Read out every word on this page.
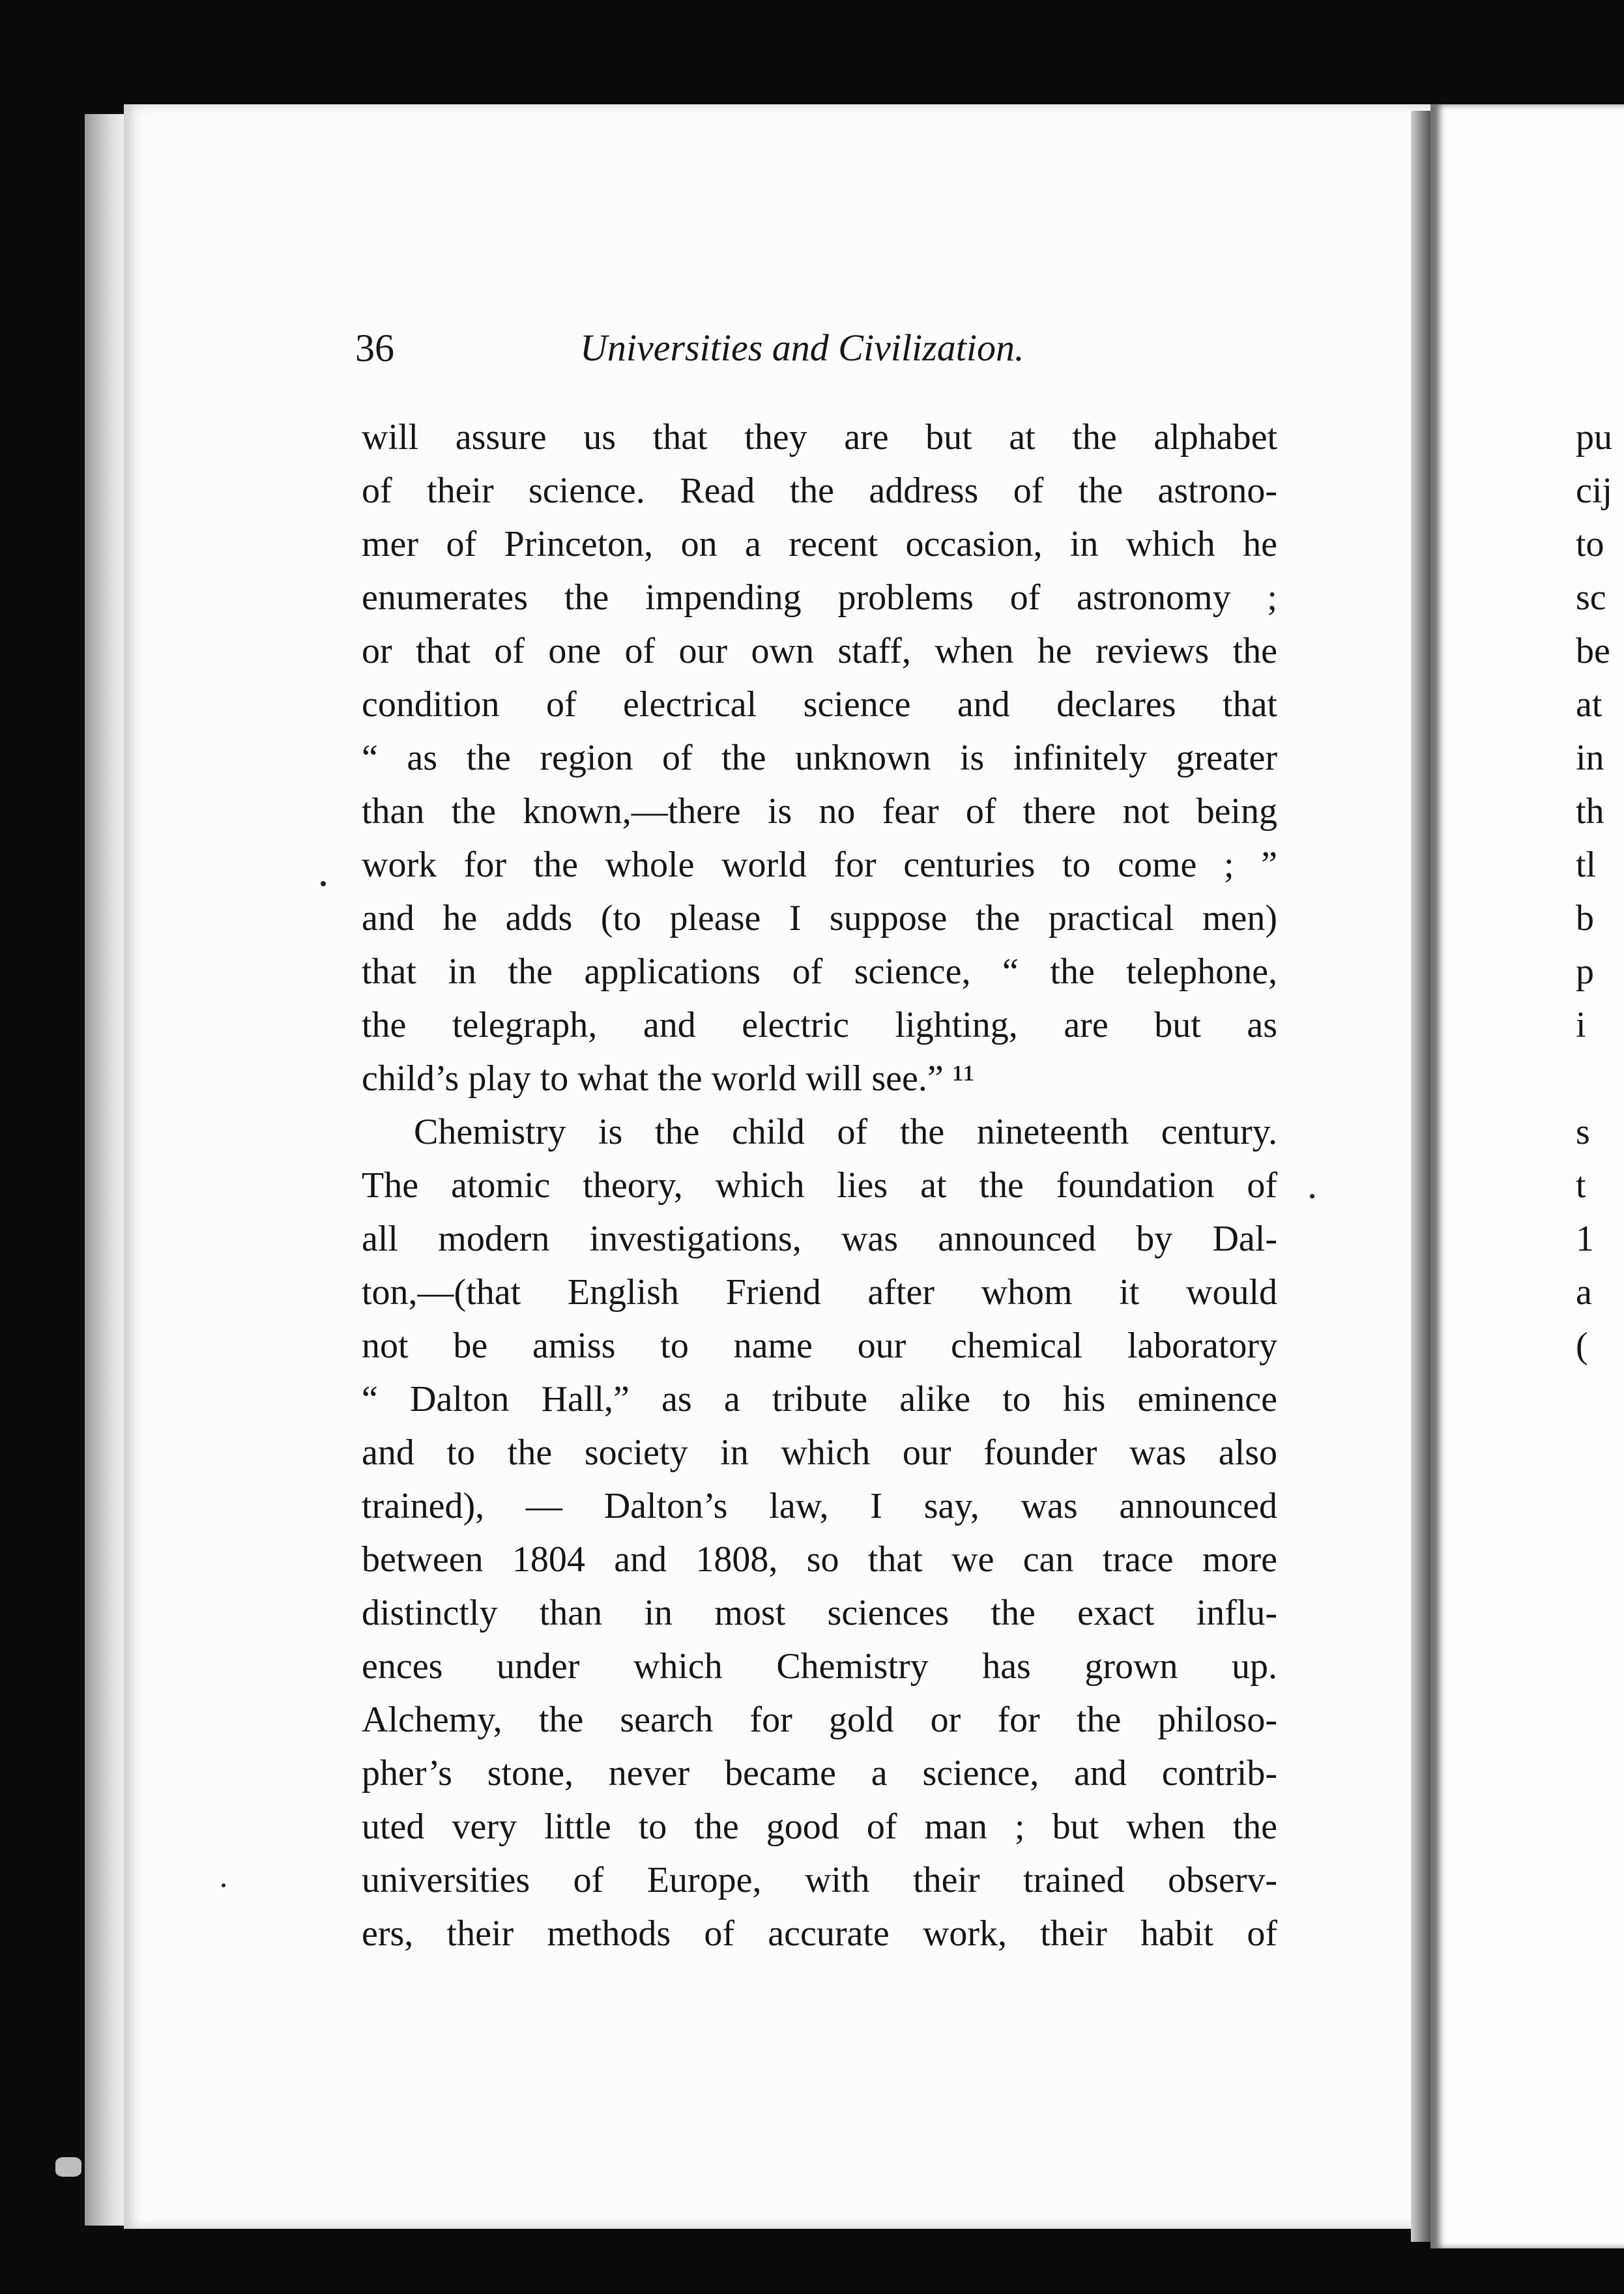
36	Universities and Civilization.
will assure us that they are but at the alphabet
of their science. Read the address of the astrono-
mer of Princeton, on a recent occasion, in which he
enumerates the impending problems of astronomy ;
or that of one of our own staff, when he reviews the
condition of electrical science and declares that
“ as the region of the unknown is infinitely greater
than the known,—there is no fear of there not being
work for the whole world for centuries to come ; ”
and he adds (to please I suppose the practical men)
that in the applications of science, “ the telephone,
the telegraph, and electric lighting, are but as
child’s play to what the world will see.” ¹¹
Chemistry is the child of the nineteenth century.
The atomic theory, which lies at the foundation of
all modern investigations, was announced by Dal-
ton,—(that English Friend after whom it would
not be amiss to name our chemical laboratory
“ Dalton Hall,” as a tribute alike to his eminence
and to the society in which our founder was also
trained), — Dalton’s law, I say, was announced
between 1804 and 1808, so that we can trace more
distinctly than in most sciences the exact influ-
ences under which Chemistry has grown up.
Alchemy, the search for gold or for the philoso-
pher’s stone, never became a science, and contrib-
uted very little to the good of man ; but when the
universities of Europe, with their trained observ-
ers, their methods of accurate work, their habit of
pu
cij
to
sc
be
at
in
th
tl
b
p
i
s
t
1
a
(
